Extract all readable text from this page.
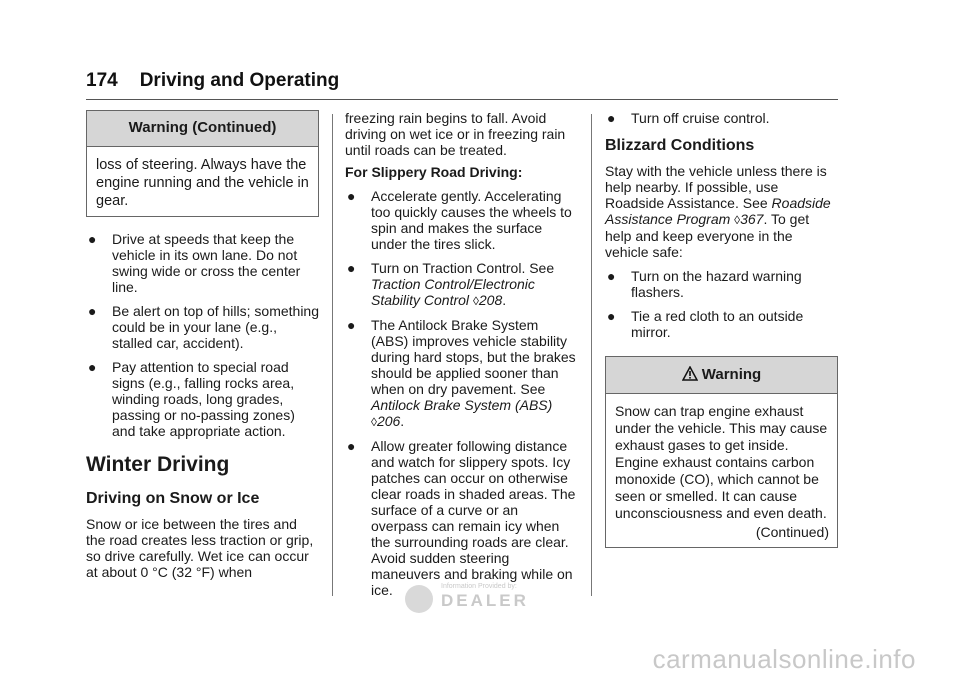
174 Driving and Operating
Warning (Continued)
loss of steering. Always have the engine running and the vehicle in gear.
●	Drive at speeds that keep the vehicle in its own lane. Do not swing wide or cross the center line.
●	Be alert on top of hills; something could be in your lane (e.g., stalled car, accident).
●	Pay attention to special road signs (e.g., falling rocks area, winding roads, long grades, passing or no-passing zones) and take appropriate action.
Winter Driving
Driving on Snow or Ice

Snow or ice between the tires and the road creates less traction or grip, so drive carefully. Wet ice can occur at about 0 °C (32 °F) when

freezing rain begins to fall. Avoid driving on wet ice or in freezing rain until roads can be treated.

For Slippery Road Driving:

●	Accelerate gently. Accelerating too quickly causes the wheels to spin and makes the surface under the tires slick.
●	Turn on Traction Control. See Traction Control/Electronic Stability Control ◊208.
●	The Antilock Brake System (ABS) improves vehicle stability during hard stops, but the brakes should be applied sooner than when on dry pavement. See Antilock Brake System (ABS) ◊206.
●	Allow greater following distance and watch for slippery spots. Icy patches can occur on otherwise clear roads in shaded areas. The surface of a curve or an overpass can remain icy when the surrounding roads are clear. Avoid sudden steering maneuvers and braking while on ice.
●	Turn off cruise control.
Blizzard Conditions

Stay with the vehicle unless there is help nearby. If possible, use Roadside Assistance. See Roadside Assistance Program ◊367. To get help and keep everyone in the vehicle safe:

●	Turn on the hazard warning flashers.
●	Tie a red cloth to an outside mirror.
Warning
Snow can trap engine exhaust under the vehicle. This may cause exhaust gases to get inside. Engine exhaust contains carbon monoxide (CO), which cannot be seen or smelled. It can cause unconsciousness and even death.
(Continued)
Information Provided by:
DEALER
carmanualsonline.info
